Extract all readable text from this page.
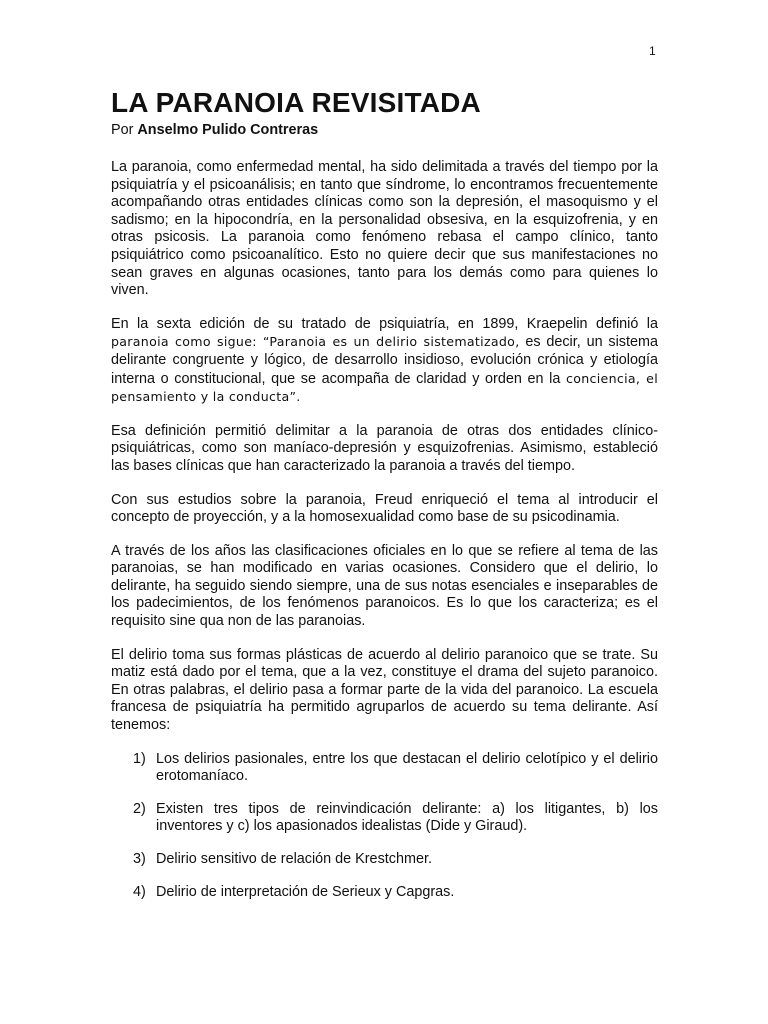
1
LA PARANOIA REVISITADA
Por Anselmo Pulido Contreras

La paranoia, como enfermedad mental, ha sido delimitada a través del tiempo por la psiquiatría y el psicoanálisis; en tanto que síndrome, lo encontramos frecuentemente acompañando otras entidades clínicas como son la depresión, el masoquismo y el sadismo; en la hipocondría, en la personalidad obsesiva, en la esquizofrenia, y en otras psicosis. La paranoia como fenómeno rebasa el campo clínico, tanto psiquiátrico como psicoanalítico. Esto no quiere decir que sus manifestaciones no sean graves en algunas ocasiones, tanto para los demás como para quienes lo viven.

En la sexta edición de su tratado de psiquiatría, en 1899, Kraepelin definió la paranoia como sigue: “Paranoia es un delirio sistematizado, es decir, un sistema delirante congruente y lógico, de desarrollo insidioso, evolución crónica y etiología interna o constitucional, que se acompaña de claridad y orden en la conciencia, el pensamiento y la conducta”.

Esa definición permitió delimitar a la paranoia de otras dos entidades clínico-psiquiátricas, como son maníaco-depresión y esquizofrenias. Asimismo, estableció las bases clínicas que han caracterizado la paranoia a través del tiempo.

Con sus estudios sobre la paranoia, Freud enriqueció el tema al introducir el concepto de proyección, y a la homosexualidad como base de su psicodinamia.

A través de los años las clasificaciones oficiales en lo que se refiere al tema de las paranoias, se han modificado en varias ocasiones. Considero que el delirio, lo delirante, ha seguido siendo siempre, una de sus notas esenciales e inseparables de los padecimientos, de los fenómenos paranoicos. Es lo que los caracteriza; es el requisito sine qua non de las paranoias.

El delirio toma sus formas plásticas de acuerdo al delirio paranoico que se trate. Su matiz está dado por el tema, que a la vez, constituye el drama del sujeto paranoico. En otras palabras, el delirio pasa a formar parte de la vida del paranoico. La escuela francesa de psiquiatría ha permitido agruparlos de acuerdo su tema delirante. Así tenemos:

1) Los delirios pasionales, entre los que destacan el delirio celotípico y el delirio erotomaníaco.
2) Existen tres tipos de reinvindicación delirante: a) los litigantes, b) los inventores y c) los apasionados idealistas (Dide y Giraud).
3) Delirio sensitivo de relación de Krestchmer.
4) Delirio de interpretación de Serieux y Capgras.
